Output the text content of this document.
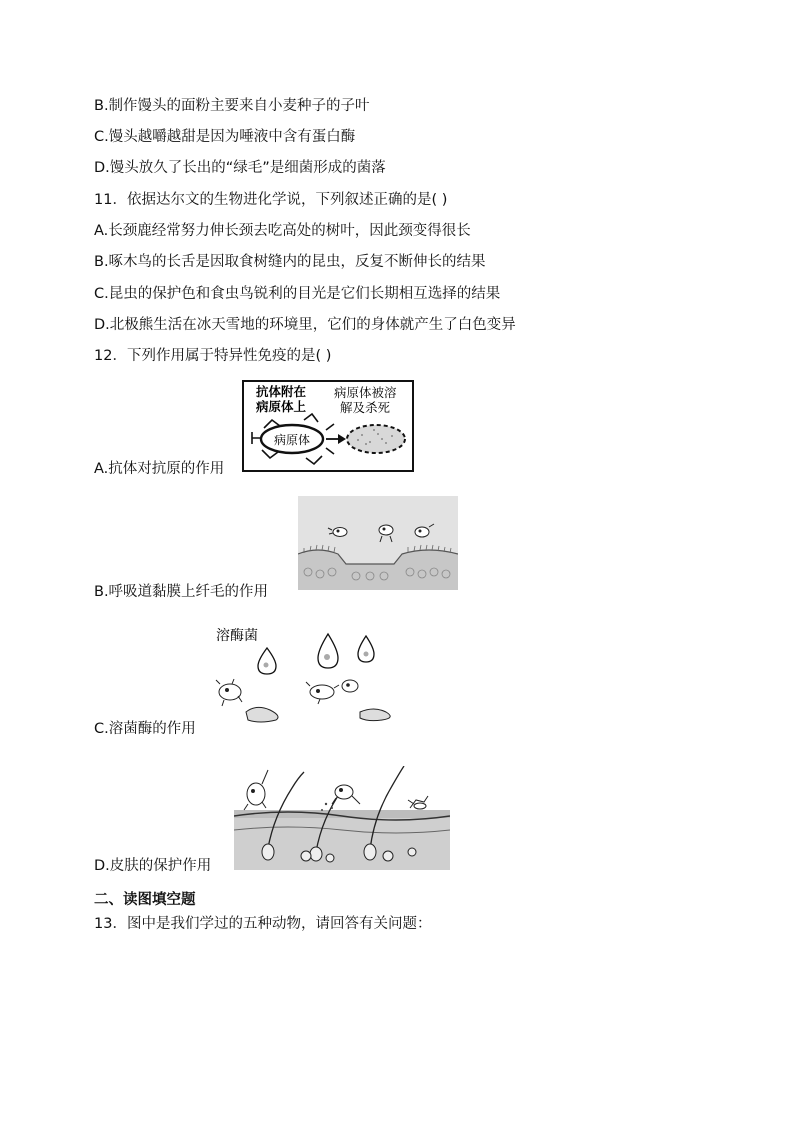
B.制作馒头的面粉主要来自小麦种子的子叶
C.馒头越嚼越甜是因为唾液中含有蛋白酶
D.馒头放久了长出的“绿毛”是细菌形成的菌落
11．依据达尔文的生物进化学说，下列叙述正确的是( )
A.长颈鹿经常努力伸长颈去吃高处的树叶，因此颈变得很长
B.啄木鸟的长舌是因取食树缝内的昆虫，反复不断伸长的结果
C.昆虫的保护色和食虫鸟锐利的目光是它们长期相互选择的结果
D.北极熊生活在冰天雪地的环境里，它们的身体就产生了白色变异
12．下列作用属于特异性免疫的是( )
抗体附在
病原体上
病原体被溶
解及杀死
病原体
A.抗体对抗原的作用
B.呼吸道黏膜上纤毛的作用
溶酶菌
C.溶菌酶的作用
D.皮肤的保护作用
二、读图填空题
13．图中是我们学过的五种动物，请回答有关问题：
